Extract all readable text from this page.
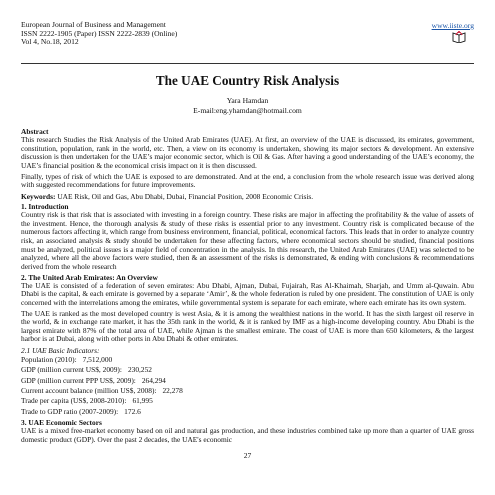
European Journal of Business and Management
ISSN 2222-1905 (Paper) ISSN 2222-2839 (Online)
Vol 4, No.18, 2012
www.iiste.org
The UAE Country Risk Analysis
Yara Hamdan
E-mail:eng.yhamdan@hotmail.com
Abstract

This research Studies the Risk Analysis of the United Arab Emirates (UAE). At first, an overview of the UAE is discussed, its emirates, government, constitution, population, rank in the world, etc. Then, a view on its economy is undertaken, showing its major sectors & development. An extensive discussion is then undertaken for the UAE’s major economic sector, which is Oil & Gas. After having a good understanding of the UAE’s economy, the UAE’s financial position & the economical crisis impact on it is then discussed.

Finally, types of risk of which the UAE is exposed to are demonstrated. And at the end, a conclusion from the whole research issue was derived along with suggested recommendations for future improvements.

Keywords: UAE Risk, Oil and Gas, Abu Dhabi, Dubai, Financial Position, 2008 Economic Crisis.
1. Introduction

Country risk is that risk that is associated with investing in a foreign country. These risks are major in affecting the profitability & the value of assets of the investment. Hence, the thorough analysis & study of these risks is essential prior to any investment. Country risk is complicated because of the numerous factors affecting it, which range from business environment, financial, political, economical factors. This leads that in order to analyze country risk, an associated analysis & study should be undertaken for these affecting factors, where economical sectors should be studied, financial positions must be analyzed, political issues is a major field of concentration in the analysis. In this research, the United Arab Emirates (UAE) was selected to be analyzed, where all the above factors were studied, then & an assessment of the risks is demonstrated, & ending with conclusions & recommendations derived from the whole research

2. The United Arab Emirates: An Overview

The UAE is consisted of a federation of seven emirates: Abu Dhabi, Ajman, Dubai, Fujairah, Ras Al-Khaimah, Sharjah, and Umm al-Quwain. Abu Dhabi is the capital, & each emirate is governed by a separate ‘Amir’, & the whole federation is ruled by one president. The constitution of UAE is only concerned with the interrelations among the emirates, while governmental system is separate for each emirate, where each emirate has its own system.

The UAE is ranked as the most developed country is west Asia, & it is among the wealthiest nations in the world. It has the sixth largest oil reserve in the world, & in exchange rate market, it has the 35th rank in the world, & it is ranked by IMF as a high-income developing country. Abu Dhabi is the largest emirate with 87% of the total area of UAE, while Ajman is the smallest emirate. The coast of UAE is more than 650 kilometers, & the largest harbor is at Dubai, along with other ports in Abu Dhabi & other emirates.

2.1 UAE Basic Indicators:
Population (2010): 7,512,000
GDP (million current US$, 2009): 230,252
GDP (million current PPP US$, 2009): 264,294
Current account balance (million US$, 2008): 22,278
Trade per capita (US$, 2008-2010): 61,995
Trade to GDP ratio (2007-2009): 172.6
3. UAE Economic Sectors

UAE is a mixed free-market economy based on oil and natural gas production, and these industries combined take up more than a quarter of UAE gross domestic product (GDP). Over the past 2 decades, the UAE's economic

27
